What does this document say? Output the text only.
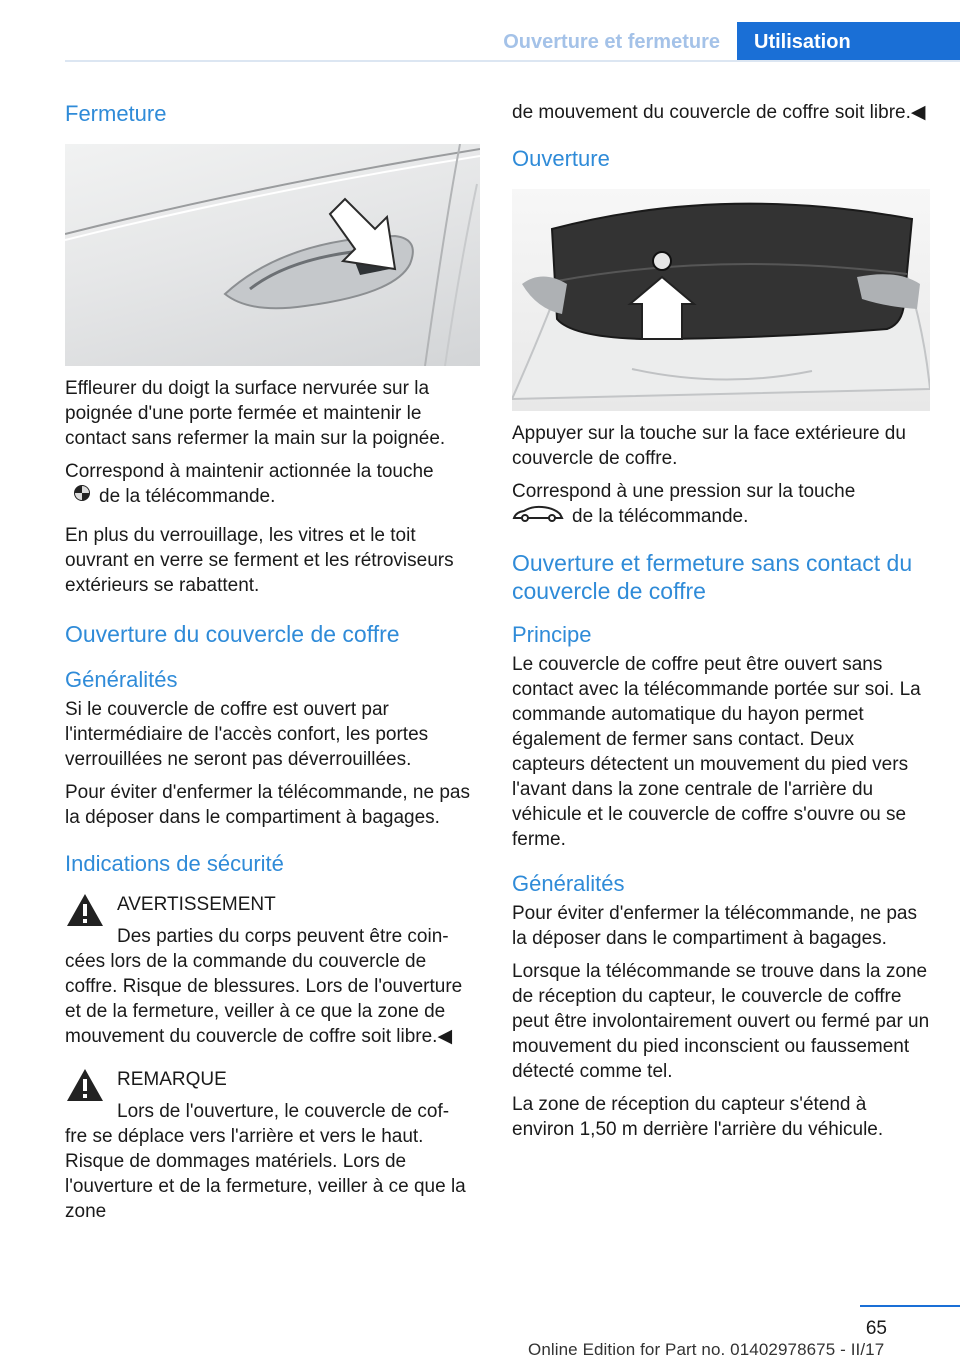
Ouverture et fermeture	Utilisation
Fermeture

Effleurer du doigt la surface nervurée sur la poignée d'une porte fermée et maintenir le contact sans refermer la main sur la poignée.

Correspond à maintenir actionnée la touche
de la télécommande.

En plus du verrouillage, les vitres et le toit ouvrant en verre se ferment et les rétroviseurs extérieurs se rabattent.

Ouverture du couvercle de coffre
Généralités

Si le couvercle de coffre est ouvert par l'intermédiaire de l'accès confort, les portes verrouillées ne seront pas déverrouillées.

Pour éviter d'enfermer la télécommande, ne pas la déposer dans le compartiment à bagages.

Indications de sécurité
AVERTISSEMENT
Des parties du corps peuvent être coin-
cées lors de la commande du couvercle de coffre. Risque de blessures. Lors de l'ouverture et de la fermeture, veiller à ce que la zone de mouvement du couvercle de coffre soit libre.◀
REMARQUE
Lors de l'ouverture, le couvercle de cof-
fre se déplace vers l'arrière et vers le haut. Risque de dommages matériels. Lors de l'ouverture et de la fermeture, veiller à ce que la zone

de mouvement du couvercle de coffre soit libre.◀

Ouverture

Appuyer sur la touche sur la face extérieure du couvercle de coffre.

Correspond à une pression sur la touche
de la télécommande.

Ouverture et fermeture sans contact du couvercle de coffre
Principe

Le couvercle de coffre peut être ouvert sans contact avec la télécommande portée sur soi. La commande automatique du hayon permet également de fermer sans contact. Deux capteurs détectent un mouvement du pied vers l'avant dans la zone centrale de l'arrière du véhicule et le couvercle de coffre s'ouvre ou se ferme.

Généralités

Pour éviter d'enfermer la télécommande, ne pas la déposer dans le compartiment à bagages.

Lorsque la télécommande se trouve dans la zone de réception du capteur, le couvercle de coffre peut être involontairement ouvert ou fermé par un mouvement du pied inconscient ou faussement détecté comme tel.

La zone de réception du capteur s'étend à environ 1,50 m derrière l'arrière du véhicule.

65
Online Edition for Part no. 01402978675 - II/17
